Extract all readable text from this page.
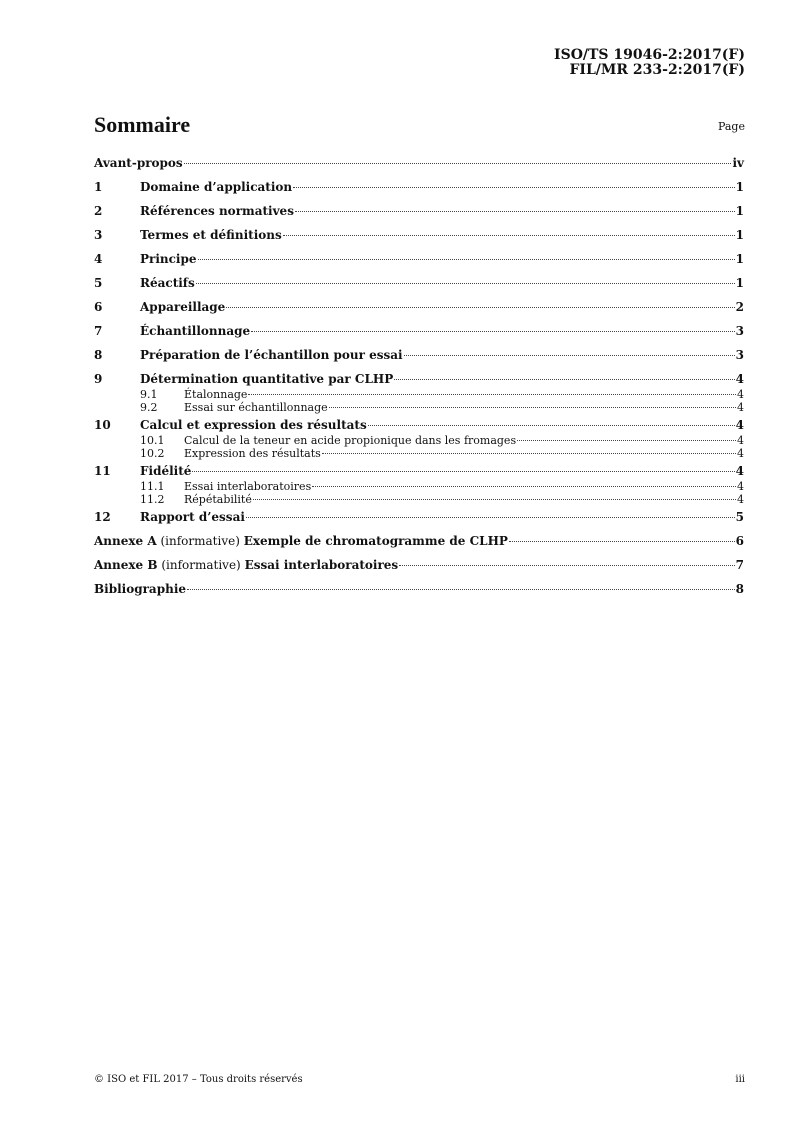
ISO/TS 19046-2:2017(F)
FIL/MR 233-2:2017(F)
Sommaire	Page
Avant-propos	iv
1	Domaine d’application	1
2	Références normatives	1
3	Termes et définitions	1
4	Principe	1
5	Réactifs	1
6	Appareillage	2
7	Échantillonnage	3
8	Préparation de l’échantillon pour essai	3
9	Détermination quantitative par CLHP	4
9.1	Étalonnage	4
9.2	Essai sur échantillonnage	4
10	Calcul et expression des résultats	4
10.1	Calcul de la teneur en acide propionique dans les fromages	4
10.2	Expression des résultats	4
11	Fidélité	4
11.1	Essai interlaboratoires	4
11.2	Répétabilité	4
12	Rapport d’essai	5
Annexe A (informative) Exemple de chromatogramme de CLHP	6
Annexe B (informative) Essai interlaboratoires	7
Bibliographie	8
© ISO et FIL 2017 – Tous droits réservés	iii
